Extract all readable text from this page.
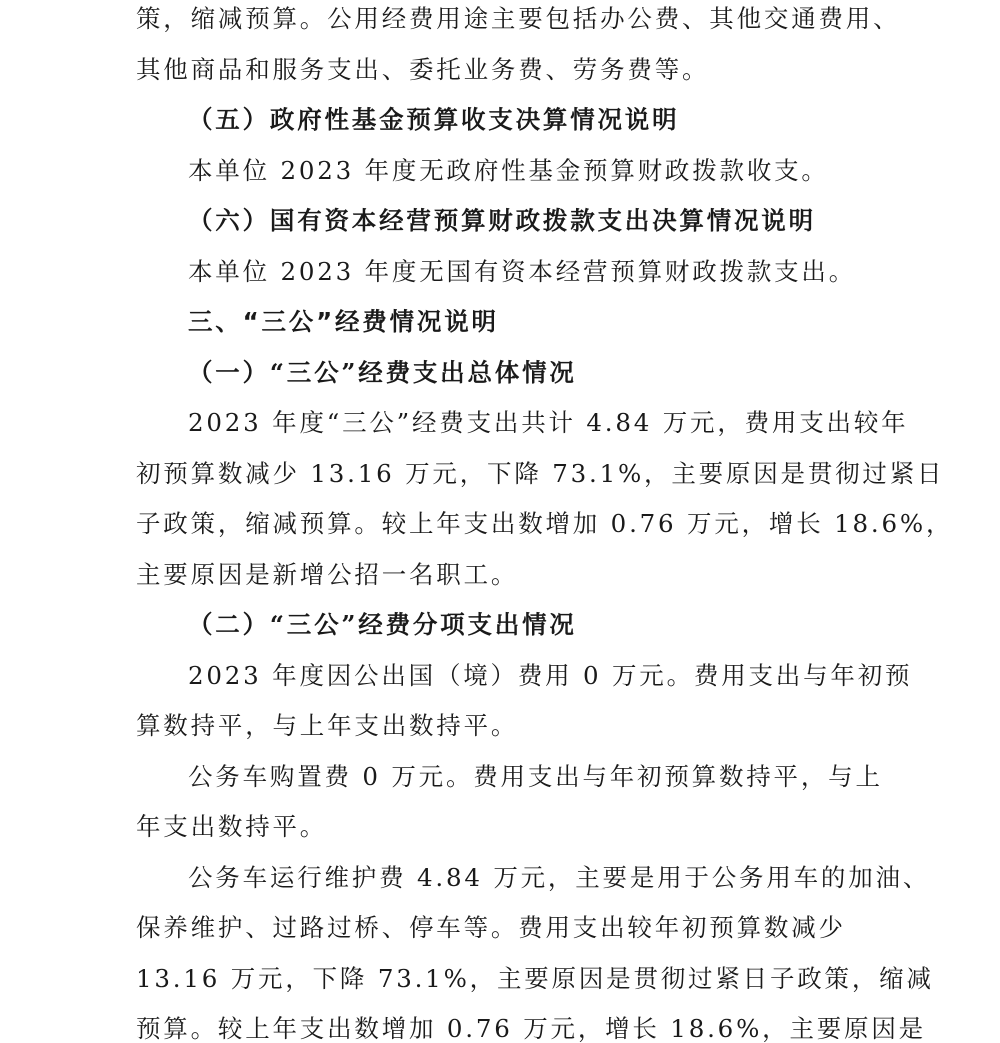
策，缩减预算。公用经费用途主要包括办公费、其他交通费用、
其他商品和服务支出、委托业务费、劳务费等。
（五）政府性基金预算收支决算情况说明
本单位 2023 年度无政府性基金预算财政拨款收支。
（六）国有资本经营预算财政拨款支出决算情况说明
本单位 2023 年度无国有资本经营预算财政拨款支出。
三、“三公”经费情况说明
（一）“三公”经费支出总体情况
2023 年度“三公”经费支出共计 4.84 万元，费用支出较年
初预算数减少 13.16 万元，下降 73.1%，主要原因是贯彻过紧日
子政策，缩减预算。较上年支出数增加 0.76 万元，增长 18.6%，
主要原因是新增公招一名职工。
（二）“三公”经费分项支出情况
2023 年度因公出国（境）费用 0 万元。费用支出与年初预
算数持平，与上年支出数持平。
公务车购置费 0 万元。费用支出与年初预算数持平，与上
年支出数持平。
公务车运行维护费 4.84 万元，主要是用于公务用车的加油、
保养维护、过路过桥、停车等。费用支出较年初预算数减少
13.16 万元，下降 73.1%，主要原因是贯彻过紧日子政策，缩减
预算。较上年支出数增加 0.76 万元，增长 18.6%，主要原因是
